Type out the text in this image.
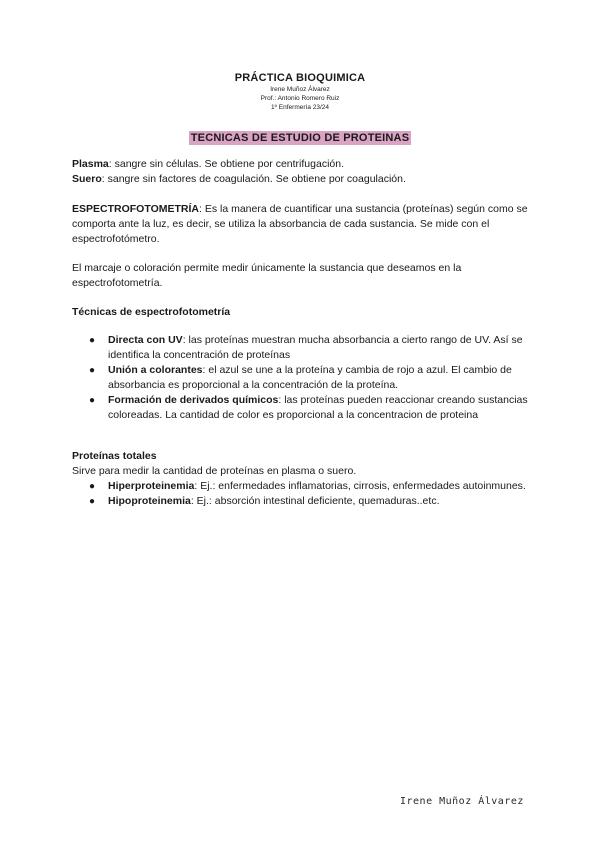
PRÁCTICA BIOQUIMICA
Irene Muñoz Álvarez
Prof.: Antonio Romero Ruiz
1º Enfermería 23/24
TECNICAS DE ESTUDIO DE PROTEINAS

Plasma: sangre sin células. Se obtiene por centrifugación.

Suero: sangre sin factores de coagulación. Se obtiene por coagulación.

ESPECTROFOTOMETRÍA: Es la manera de cuantificar una sustancia (proteínas) según como se comporta ante la luz, es decir, se utiliza la absorbancia de cada sustancia. Se mide con el espectrofotómetro.

El marcaje o coloración permite medir únicamente la sustancia que deseamos en la espectrofotometría.

Técnicas de espectrofotometría

● Directa con UV: las proteínas muestran mucha absorbancia a cierto rango de UV. Así se identifica la concentración de proteínas
● Unión a colorantes: el azul se une a la proteína y cambia de rojo a azul. El cambio de absorbancia es proporcional a la concentración de la proteína.
● Formación de derivados químicos: las proteínas pueden reaccionar creando sustancias coloreadas. La cantidad de color es proporcional a la concentracion de proteina

Proteínas totales

Sirve para medir la cantidad de proteínas en plasma o suero.

● Hiperproteinemia: Ej.: enfermedades inflamatorias, cirrosis, enfermedades autoinmunes.
● Hipoproteinemia: Ej.: absorción intestinal deficiente, quemaduras..etc.
Irene Muñoz Álvarez
